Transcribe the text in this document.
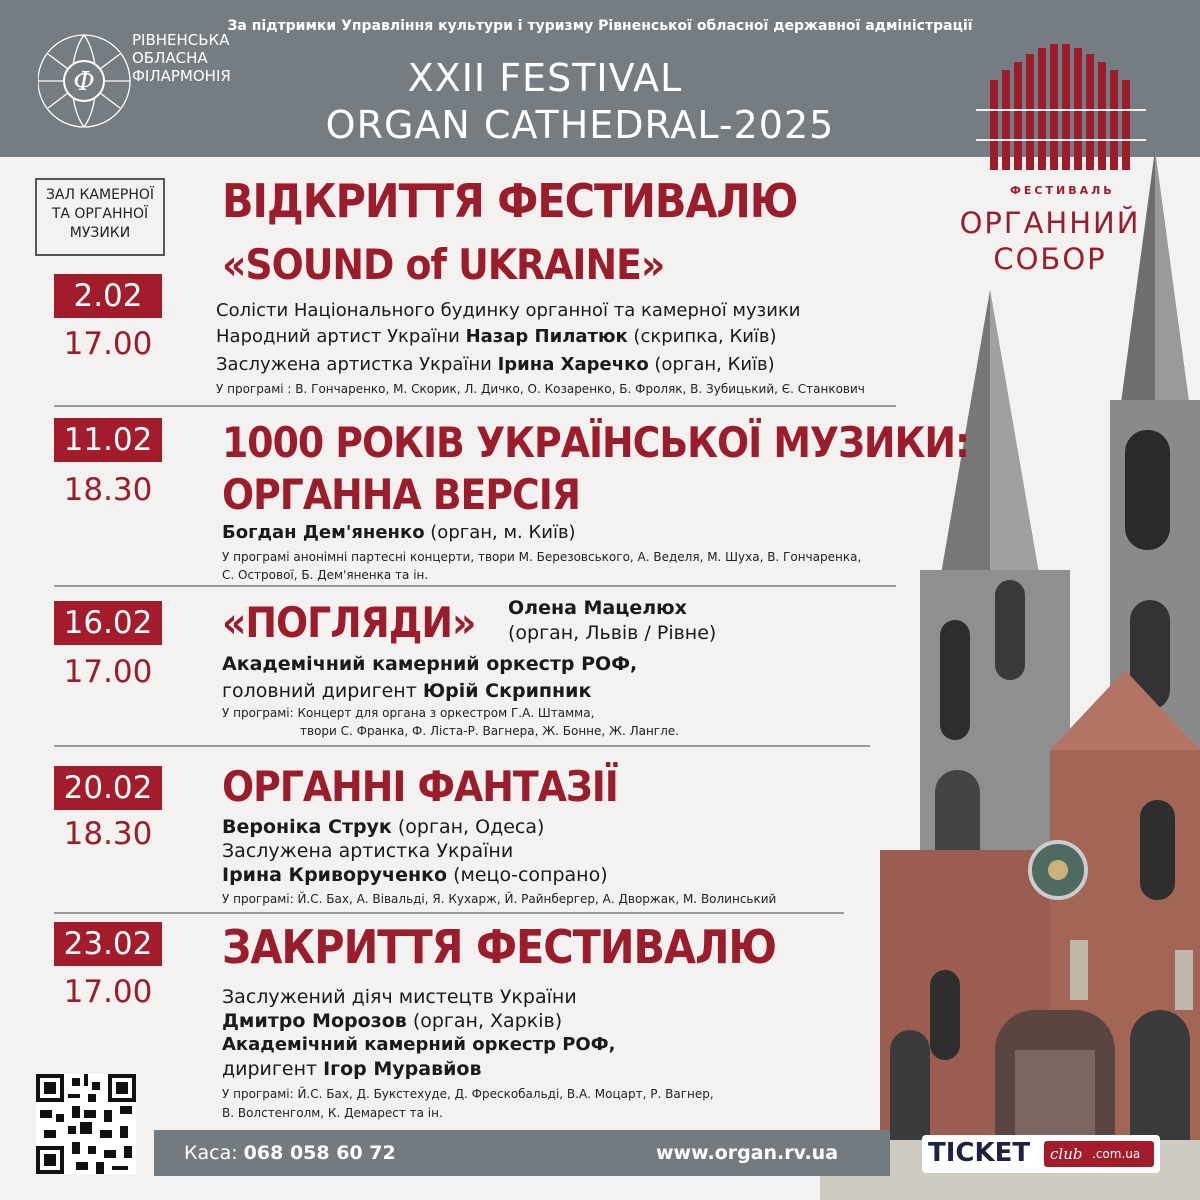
За підтримки Управління культури і туризму Рівненської обласної державної адміністрації
XXII FESTIVAL
ORGAN CATHEDRAL-2025
Ф
РІВНЕНСЬКА
ОБЛАСНА
ФІЛАРМОНІЯ
ФЕСТИВАЛЬ
ОРГАННИЙ
СОБОР
ЗАЛ КАМЕРНОЇ
ТА ОРГАННОЇ
МУЗИКИ
2.02
17.00
ВІДКРИТТЯ ФЕСТИВАЛЮ
«SOUND of UKRAINE»
Солісти Національного будинку органної та камерної музики
Народний артист України Назар Пилатюк (скрипка, Київ)
Заслужена артистка України Ірина Харечко (орган, Київ)
У програмі : В. Гончаренко, М. Скорик, Л. Дичко, О. Козаренко, Б. Фроляк, В. Зубицький, Є. Станкович
11.02
18.30
1000 РОКІВ УКРАЇНСЬКОЇ МУЗИКИ:
ОРГАННА ВЕРСІЯ
Богдан Дем'яненко (орган, м. Київ)
У програмі анонімні партесні концерти, твори М. Березовського, А. Веделя, М. Шуха, В. Гончаренка,
С. Острової, Б. Дем'яненка та ін.
16.02
17.00
«ПОГЛЯДИ» Олена Мацелюх
(орган, Львів / Рівне)
Академічний камерний оркестр РОФ,
головний диригент Юрій Скрипник
У програмі: Концерт для органа з оркестром Г.А. Штамма,
твори С. Франка, Ф. Ліста-Р. Вагнера, Ж. Бонне, Ж. Лангле.
20.02
18.30
ОРГАННІ ФАНТАЗІЇ
Вероніка Струк (орган, Одеса)
Заслужена артистка України
Ірина Криворученко (мецо-сопрано)
У програмі: Й.С. Бах, А. Вівальді, Я. Кухарж, Й. Райнбергер, А. Дворжак, М. Волинський
23.02
17.00
ЗАКРИТТЯ ФЕСТИВАЛЮ
Заслужений діяч мистецтв України
Дмитро Морозов (орган, Харків)
Академічний камерний оркестр РОФ,
диригент Ігор Муравйов
У програмі: Й.С. Бах, Д. Букстехуде, Д. Фрескобальді, В.А. Моцарт, Р. Вагнер,
В. Волстенголм, К. Демарест та ін.
Каса: 068 058 60 72	www.organ.rv.ua	TICKET club .com.ua
